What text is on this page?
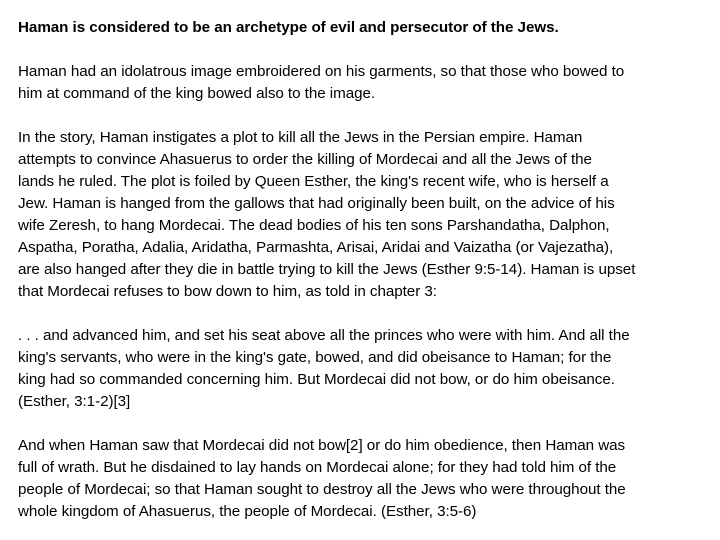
Haman is considered to be an archetype of evil and persecutor of the Jews.
Haman had an idolatrous image embroidered on his garments, so that those who bowed to
him at command of the king bowed also to the image.
In the story, Haman instigates a plot to kill all the Jews in the Persian empire. Haman
attempts to convince Ahasuerus to order the killing of Mordecai and all the Jews of the
lands he ruled. The plot is foiled by Queen Esther, the king's recent wife, who is herself a
Jew. Haman is hanged from the gallows that had originally been built, on the advice of his
wife Zeresh, to hang Mordecai. The dead bodies of his ten sons Parshandatha, Dalphon,
Aspatha, Poratha, Adalia, Aridatha, Parmashta, Arisai, Aridai and Vaizatha (or Vajezatha),
are also hanged after they die in battle trying to kill the Jews (Esther 9:5-14). Haman is upset
that Mordecai refuses to bow down to him, as told in chapter 3:
. . . and advanced him, and set his seat above all the princes who were with him. And all the
king's servants, who were in the king's gate, bowed, and did obeisance to Haman; for the
king had so commanded concerning him. But Mordecai did not bow, or do him obeisance.
(Esther, 3:1-2)[3]
And when Haman saw that Mordecai did not bow[2] or do him obedience, then Haman was
full of wrath. But he disdained to lay hands on Mordecai alone; for they had told him of the
people of Mordecai; so that Haman sought to destroy all the Jews who were throughout the
whole kingdom of Ahasuerus, the people of Mordecai. (Esther, 3:5-6)
